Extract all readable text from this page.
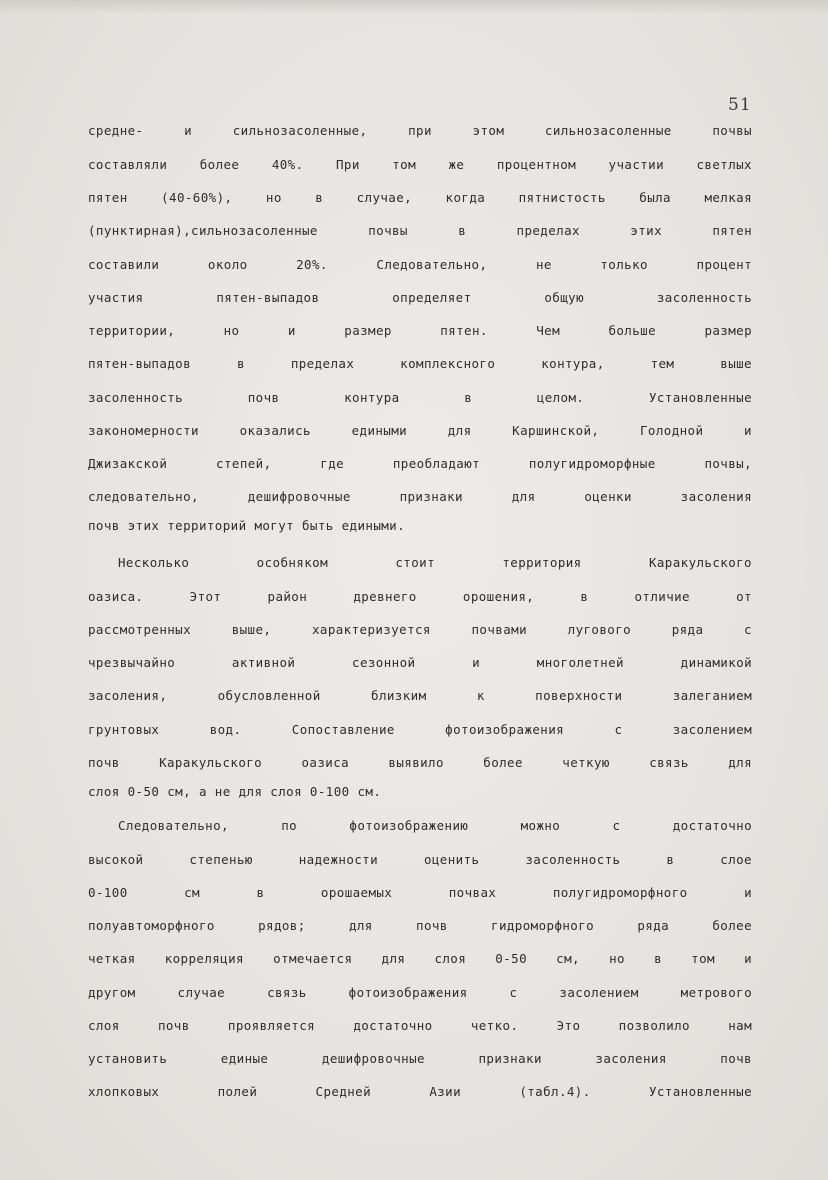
51

средне- и сильнозасоленные, при этом сильнозасоленные почвы

составляли более 40%. При том же процентном участии светлых

пятен (40-60%), но в случае, когда пятнистость была мелкая

(пунктирная),сильнозасоленные почвы в пределах этих пятен

составили около 20%. Следовательно, не только процент

участия пятен-выпадов определяет общую засоленность

территории, но и размер пятен. Чем больше размер

пятен-выпадов в пределах комплексного контура, тем выше

засоленность почв контура в целом. Установленные

закономерности оказались едиными для Каршинской, Голодной и

Джизакской степей, где преобладают полугидроморфные почвы,

следовательно, дешифровочные признаки для оценки засоления

почв этих территорий могут быть едиными.

Несколько особняком стоит территория Каракульского

оазиса. Этот район древнего орошения, в отличие от

рассмотренных выше, характеризуется почвами лугового ряда с

чрезвычайно активной сезонной и многолетней динамикой

засоления, обусловленной близким к поверхности залеганием

грунтовых вод. Сопоставление фотоизображения с засолением

почв Каракульского оазиса выявило более четкую связь для

слоя 0-50 см, а не для слоя 0-100 см.

Следовательно, по фотоизображению можно с достаточно

высокой степенью надежности оценить засоленность в слое

0-100 см в орошаемых почвах полугидроморфного и

полуавтоморфного рядов; для почв гидроморфного ряда более

четкая корреляция отмечается для слоя 0-50 см, но в том и

другом случае связь фотоизображения с засолением метрового

слоя почв проявляется достаточно четко. Это позволило нам

установить единые дешифровочные признаки засоления почв

хлопковых полей Средней Азии (табл.4). Установленные
